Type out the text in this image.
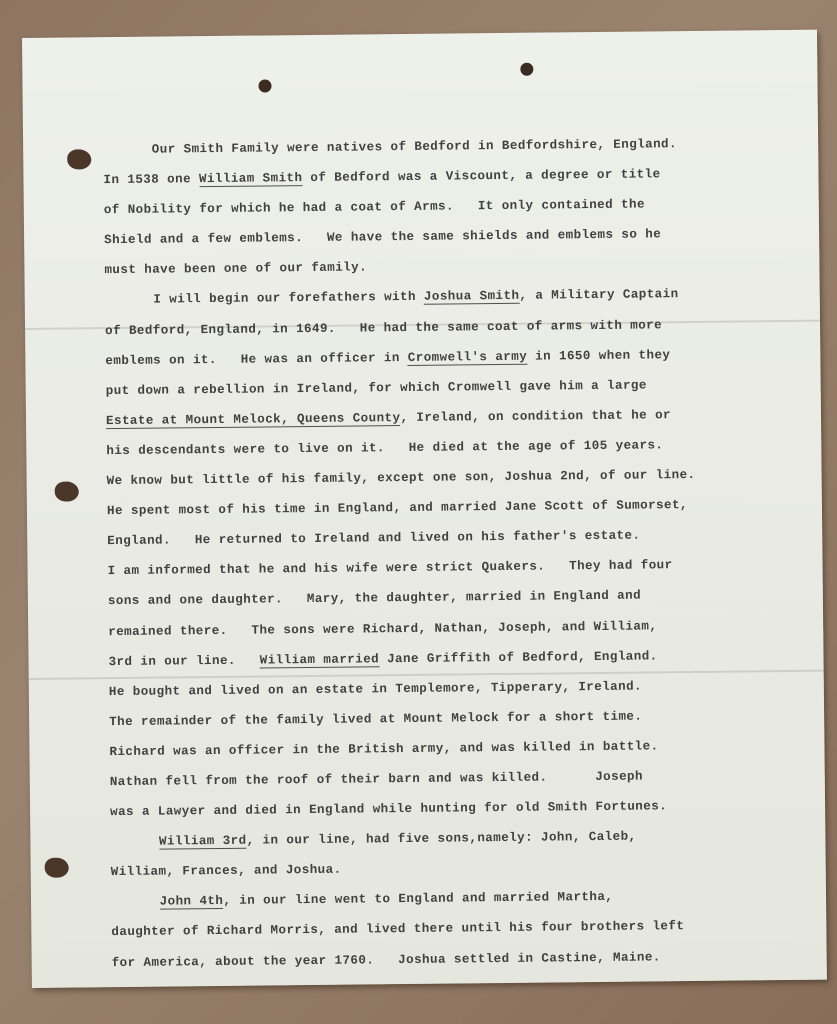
Our Smith Family were natives of Bedford in Bedfordshire, England.
In 1538 one William Smith of Bedford was a Viscount, a degree or title
of Nobility for which he had a coat of Arms.   It only contained the
Shield and a few emblems.   We have the same shields and emblems so he
must have been one of our family.
I will begin our forefathers with Joshua Smith, a Military Captain
of Bedford, England, in 1649.   He had the same coat of arms with more
emblems on it.   He was an officer in Cromwell's army in 1650 when they
put down a rebellion in Ireland, for which Cromwell gave him a large
Estate at Mount Melock, Queens County, Ireland, on condition that he or
his descendants were to live on it.   He died at the age of 105 years.
We know but little of his family, except one son, Joshua 2nd, of our line.
He spent most of his time in England, and married Jane Scott of Sumorset,
England.   He returned to Ireland and lived on his father's estate.
I am informed that he and his wife were strict Quakers.   They had four
sons and one daughter.   Mary, the daughter, married in England and
remained there.   The sons were Richard, Nathan, Joseph, and William,
3rd in our line.   William married Jane Griffith of Bedford, England.
He bought and lived on an estate in Templemore, Tipperary, Ireland.
The remainder of the family lived at Mount Melock for a short time.
Richard was an officer in the British army, and was killed in battle.
Nathan fell from the roof of their barn and was killed.      Joseph
was a Lawyer and died in England while hunting for old Smith Fortunes.
William 3rd, in our line, had five sons,namely: John, Caleb,
William, Frances, and Joshua.
John 4th, in our line went to England and married Martha,
daughter of Richard Morris, and lived there until his four brothers left
for America, about the year 1760.   Joshua settled in Castine, Maine.
